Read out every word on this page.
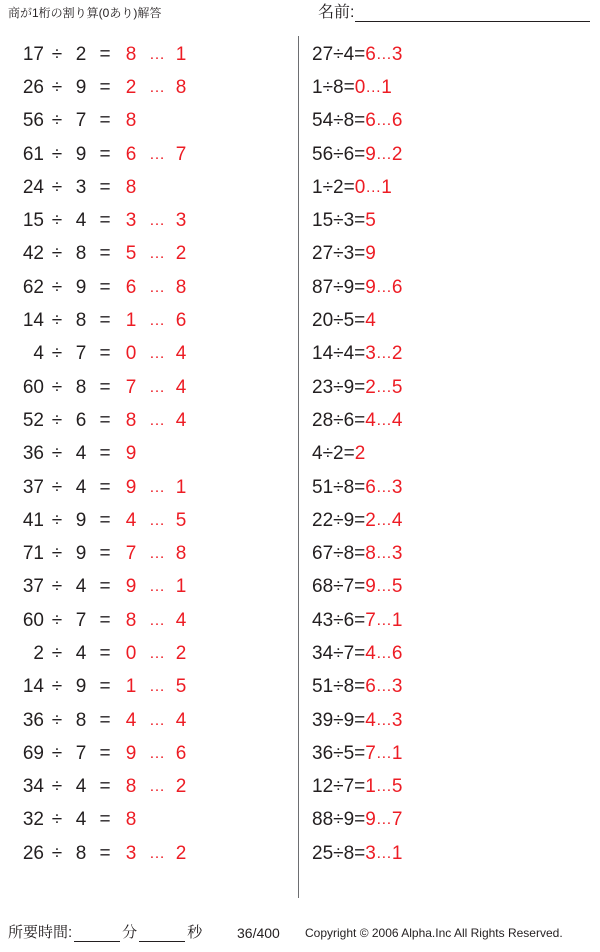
商が1桁の割り算(0あり)解答	名前:
17 ÷ 2 = 8 … 1
26 ÷ 9 = 2 … 8
56 ÷ 7 = 8
61 ÷ 9 = 6 … 7
24 ÷ 3 = 8
15 ÷ 4 = 3 … 3
42 ÷ 8 = 5 … 2
62 ÷ 9 = 6 … 8
14 ÷ 8 = 1 … 6
4 ÷ 7 = 0 … 4
60 ÷ 8 = 7 … 4
52 ÷ 6 = 8 … 4
36 ÷ 4 = 9
37 ÷ 4 = 9 … 1
41 ÷ 9 = 4 … 5
71 ÷ 9 = 7 … 8
37 ÷ 4 = 9 … 1
60 ÷ 7 = 8 … 4
2 ÷ 4 = 0 … 2
14 ÷ 9 = 1 … 5
36 ÷ 8 = 4 … 4
69 ÷ 7 = 9 … 6
34 ÷ 4 = 8 … 2
32 ÷ 4 = 8
26 ÷ 8 = 3 … 2
27 ÷ 4 = 6 … 3
1 ÷ 8 = 0 … 1
54 ÷ 8 = 6 … 6
56 ÷ 6 = 9 … 2
1 ÷ 2 = 0 … 1
15 ÷ 3 = 5
27 ÷ 3 = 9
87 ÷ 9 = 9 … 6
20 ÷ 5 = 4
14 ÷ 4 = 3 … 2
23 ÷ 9 = 2 … 5
28 ÷ 6 = 4 … 4
4 ÷ 2 = 2
51 ÷ 8 = 6 … 3
22 ÷ 9 = 2 … 4
67 ÷ 8 = 8 … 3
68 ÷ 7 = 9 … 5
43 ÷ 6 = 7 … 1
34 ÷ 7 = 4 … 6
51 ÷ 8 = 6 … 3
39 ÷ 9 = 4 … 3
36 ÷ 5 = 7 … 1
12 ÷ 7 = 1 … 5
88 ÷ 9 = 9 … 7
25 ÷ 8 = 3 … 1
所要時間:	分	秒 36/400 Copyright © 2006 Alpha.Inc All Rights Reserved.
